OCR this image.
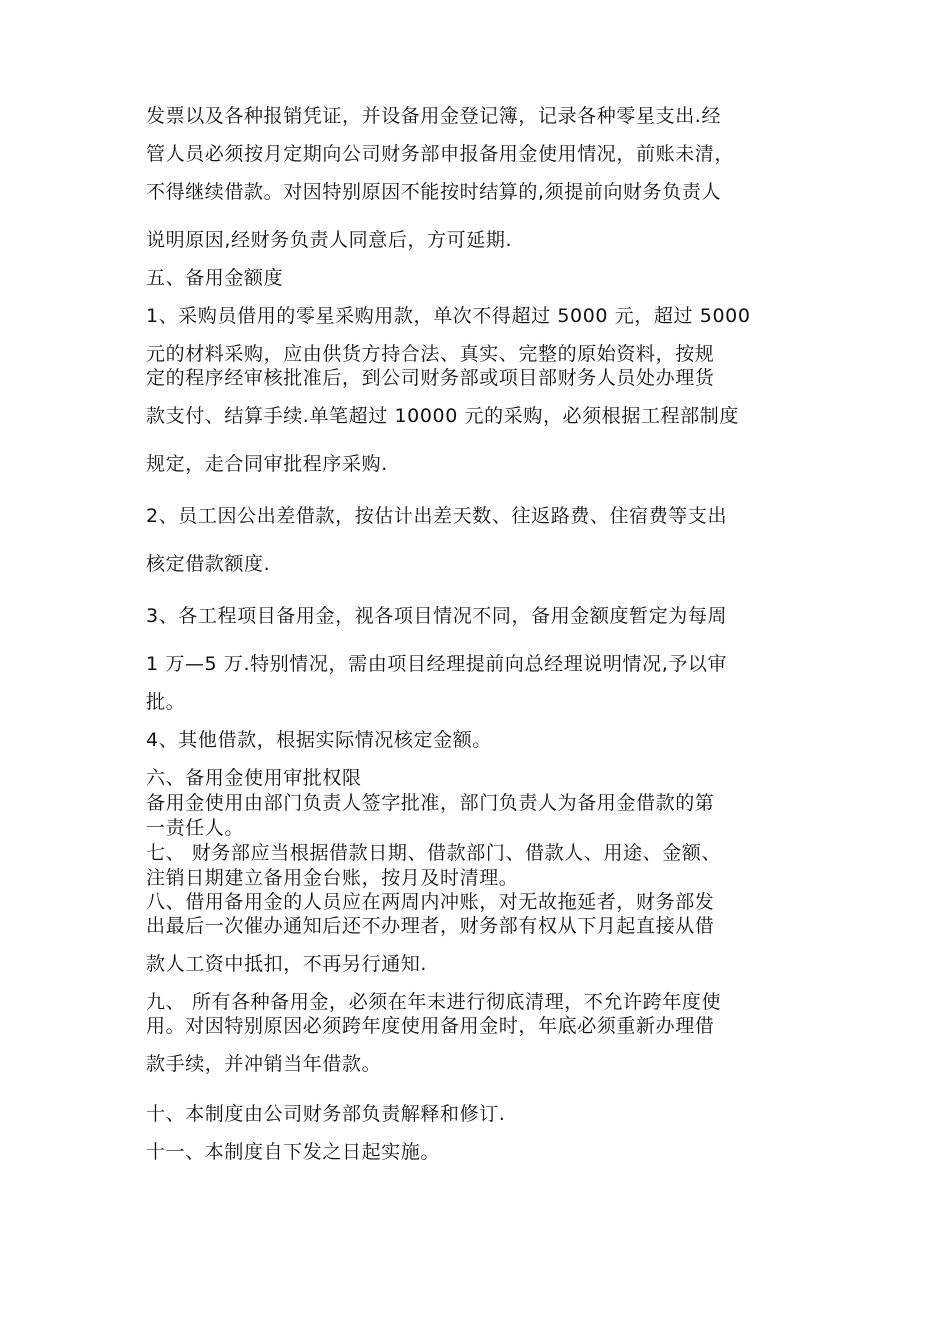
发票以及各种报销凭证，并设备用金登记簿，记录各种零星支出.经

管人员必须按月定期向公司财务部申报备用金使用情况，前账未清，

不得继续借款。对因特别原因不能按时结算的,须提前向财务负责人

说明原因,经财务负责人同意后，方可延期.

五、备用金额度

1、采购员借用的零星采购用款，单次不得超过 5000 元，超过 5000

元的材料采购，应由供货方持合法、真实、完整的原始资料，按规

定的程序经审核批准后，到公司财务部或项目部财务人员处办理货

款支付、结算手续.单笔超过 10000 元的采购，必须根据工程部制度

规定，走合同审批程序采购.

2、员工因公出差借款，按估计出差天数、往返路费、住宿费等支出

核定借款额度.

3、各工程项目备用金，视各项目情况不同，备用金额度暂定为每周

1 万—5 万.特别情况，需由项目经理提前向总经理说明情况,予以审

批。

4、其他借款，根据实际情况核定金额。

六、备用金使用审批权限

备用金使用由部门负责人签字批准，部门负责人为备用金借款的第

一责任人。

七、 财务部应当根据借款日期、借款部门、借款人、用途、金额、

注销日期建立备用金台账，按月及时清理。

八、借用备用金的人员应在两周内冲账，对无故拖延者，财务部发

出最后一次催办通知后还不办理者，财务部有权从下月起直接从借

款人工资中抵扣，不再另行通知.

九、 所有各种备用金，必须在年末进行彻底清理，不允许跨年度使

用。对因特别原因必须跨年度使用备用金时，年底必须重新办理借

款手续，并冲销当年借款。

十、本制度由公司财务部负责解释和修订.

十一、本制度自下发之日起实施。
